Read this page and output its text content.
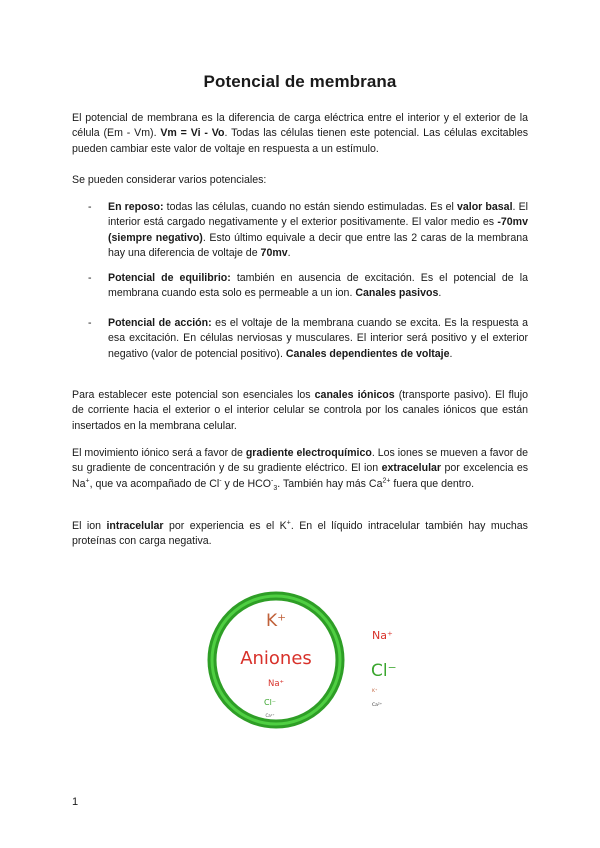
Potencial de membrana

El potencial de membrana es la diferencia de carga eléctrica entre el interior y el exterior de la célula (Em - Vm). Vm = Vi - Vo. Todas las células tienen este potencial. Las células excitables pueden cambiar este valor de voltaje en respuesta a un estímulo.

Se pueden considerar varios potenciales:

- En reposo: todas las células, cuando no están siendo estimuladas. Es el valor basal. El interior está cargado negativamente y el exterior positivamente. El valor medio es -70mv (siempre negativo). Esto último equivale a decir que entre las 2 caras de la membrana hay una diferencia de voltaje de 70mv.
- Potencial de equilibrio: también en ausencia de excitación. Es el potencial de la membrana cuando esta solo es permeable a un ion. Canales pasivos.
- Potencial de acción: es el voltaje de la membrana cuando se excita. Es la respuesta a esa excitación. En células nerviosas y musculares. El interior será positivo y el exterior negativo (valor de potencial positivo). Canales dependientes de voltaje.

Para establecer este potencial son esenciales los canales iónicos (transporte pasivo). El flujo de corriente hacia el exterior o el interior celular se controla por los canales iónicos que están insertados en la membrana celular.

El movimiento iónico será a favor de gradiente electroquímico. Los iones se mueven a favor de su gradiente de concentración y de su gradiente eléctrico. El ion extracelular por excelencia es Na+, que va acompañado de Cl- y de $HCO^-_3$. También hay más $Ca^{2+}$ fuera que dentro.

El ion intracelular por experiencia es el K+. En el líquido intracelular también hay muchas proteínas con carga negativa.

K⁺
Aniones
Na⁺
Cl⁻
Ca²⁺
Na⁺
Cl⁻
K⁺
Ca²⁺
1
